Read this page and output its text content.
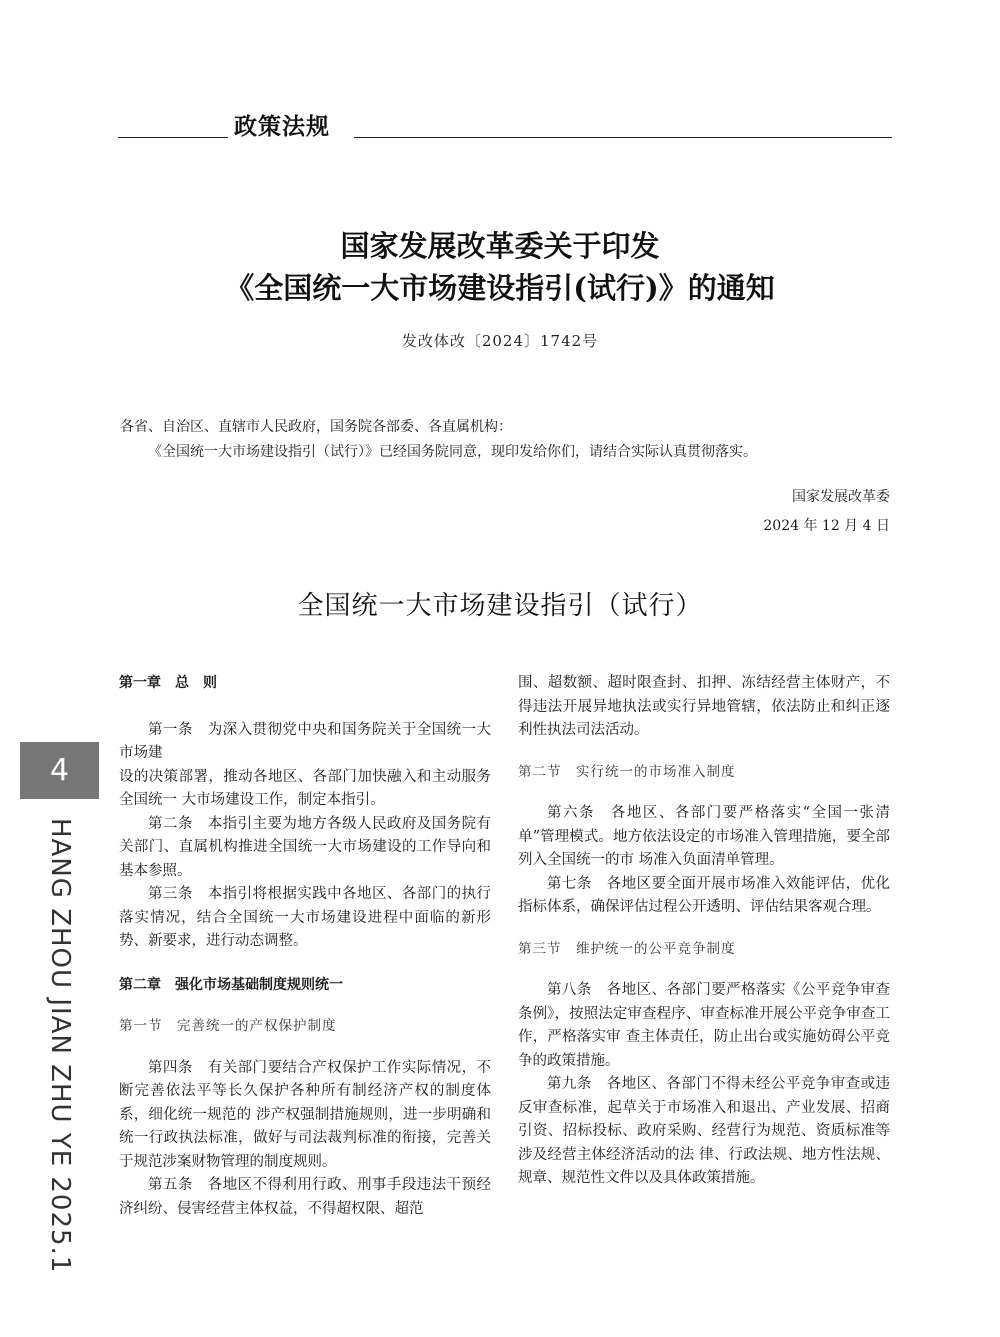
政策法规
国家发展改革委关于印发
《全国统一大市场建设指引(试行)》的通知
发改体改〔2024〕1742号
各省、自治区、直辖市人民政府，国务院各部委、各直属机构：
《全国统一大市场建设指引（试行）》已经国务院同意，现印发给你们，请结合实际认真贯彻落实。
国家发展改革委
2024 年 12 月 4 日
全国统一大市场建设指引（试行）

第一章　总　则

第一条　为深入贯彻党中央和国务院关于全国统一大市场建

设的决策部署，推动各地区、各部门加快融入和主动服务全国统一 大市场建设工作，制定本指引。

第二条　本指引主要为地方各级人民政府及国务院有关部门、直属机构推进全国统一大市场建设的工作导向和基本参照。

第三条　本指引将根据实践中各地区、各部门的执行落实情况，结合全国统一大市场建设进程中面临的新形势、新要求，进行动态调整。

第二章　强化市场基础制度规则统一

第一节　完善统一的产权保护制度

第四条　有关部门要结合产权保护工作实际情况，不断完善依法平等长久保护各种所有制经济产权的制度体系，细化统一规范的 涉产权强制措施规则，进一步明确和统一行政执法标准，做好与司法裁判标准的衔接，完善关于规范涉案财物管理的制度规则。

第五条　各地区不得利用行政、刑事手段违法干预经济纠纷、侵害经营主体权益，不得超权限、超范

围、超数额、超时限查封、扣押、冻结经营主体财产，不得违法开展异地执法或实行异地管辖，依法防止和纠正逐利性执法司法活动。

第二节　实行统一的市场准入制度

第六条　各地区、各部门要严格落实“全国一张清单”管理模式。地方依法设定的市场准入管理措施，要全部列入全国统一的市 场准入负面清单管理。

第七条　各地区要全面开展市场准入效能评估，优化指标体系，确保评估过程公开透明、评估结果客观合理。

第三节　维护统一的公平竞争制度

第八条　各地区、各部门要严格落实《公平竞争审查条例》，按照法定审查程序、审查标准开展公平竞争审查工作，严格落实审 查主体责任，防止出台或实施妨碍公平竞争的政策措施。

第九条　各地区、各部门不得未经公平竞争审查或违反审查标准，起草关于市场准入和退出、产业发展、招商引资、招标投标、政府采购、经营行为规范、资质标准等涉及经营主体经济活动的法 律、行政法规、地方性法规、规章、规范性文件以及具体政策措施。

4
HANG ZHOU JIAN ZHU YE 2025.1
